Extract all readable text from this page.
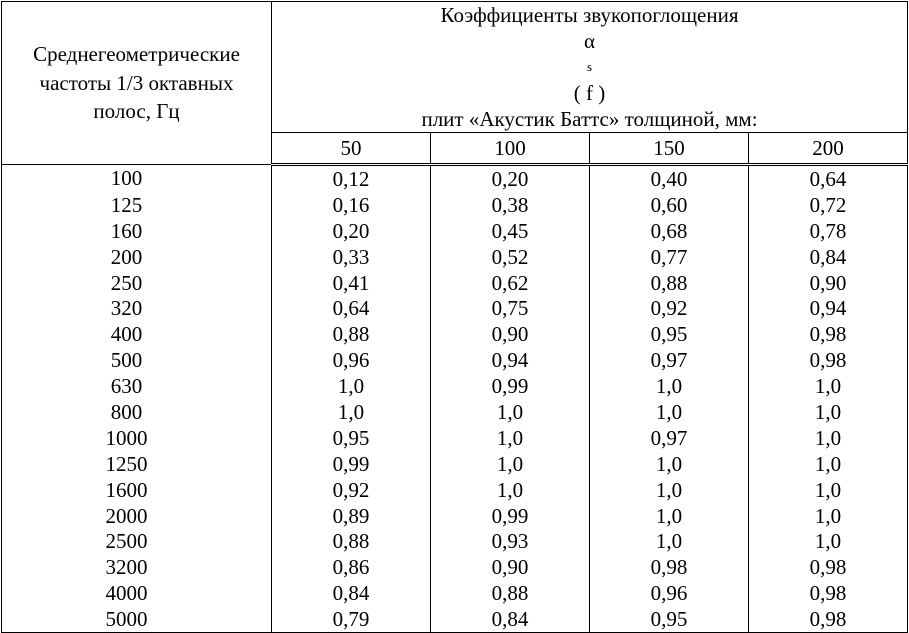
Среднегеометрические
частоты 1/3 октавных
полос, Гц	Коэффициенты звукопоглощения
α
s
( f )
плит «Акустик Баттс» толщиной, мм:			

	50	100	150	200
100	0,12	0,20	0,40	0,64
125	0,16	0,38	0,60	0,72
160	0,20	0,45	0,68	0,78
200	0,33	0,52	0,77	0,84
250	0,41	0,62	0,88	0,90
320	0,64	0,75	0,92	0,94
400	0,88	0,90	0,95	0,98
500	0,96	0,94	0,97	0,98
630	1,0	0,99	1,0	1,0
800	1,0	1,0	1,0	1,0
1000	0,95	1,0	0,97	1,0
1250	0,99	1,0	1,0	1,0
1600	0,92	1,0	1,0	1,0
2000	0,89	0,99	1,0	1,0
2500	0,88	0,93	1,0	1,0
3200	0,86	0,90	0,98	0,98
4000	0,84	0,88	0,96	0,98
5000	0,79	0,84	0,95	0,98
